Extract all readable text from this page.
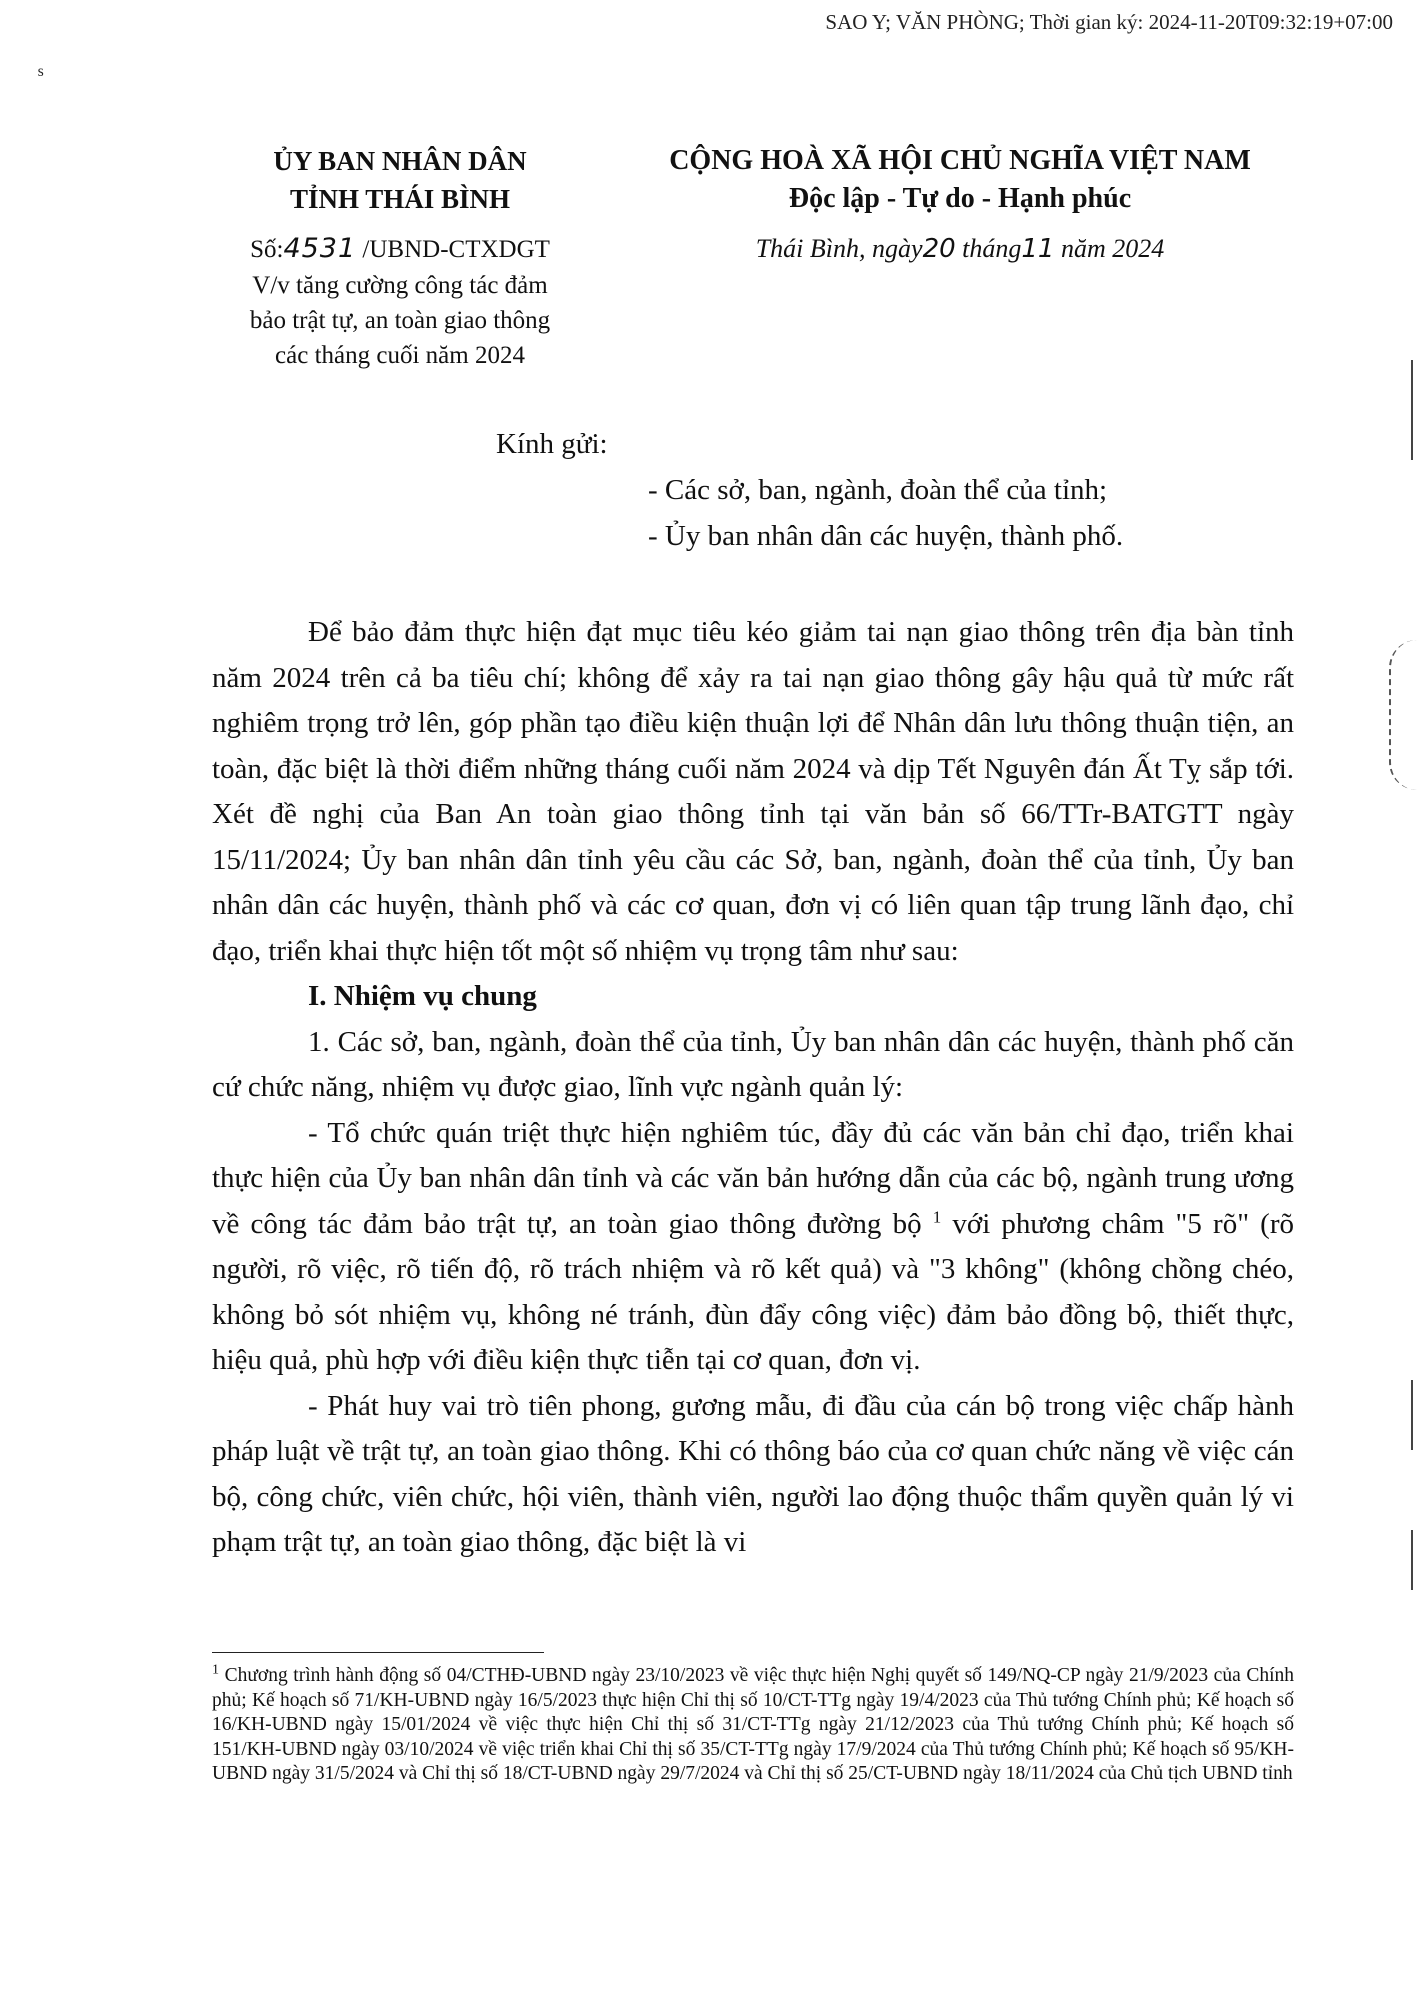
SAO Y; VĂN PHÒNG; Thời gian ký: 2024-11-20T09:32:19+07:00
ˢ
ỦY BAN NHÂN DÂN
TỈNH THÁI BÌNH
Số:4531 /UBND-CTXDGT
V/v tăng cường công tác đảm
bảo trật tự, an toàn giao thông
các tháng cuối năm 2024
CỘNG HOÀ XÃ HỘI CHỦ NGHĨA VIỆT NAM
Độc lập - Tự do - Hạnh phúc
Thái Bình, ngày20 tháng11 năm 2024
Kính gửi:
- Các sở, ban, ngành, đoàn thể của tỉnh;
- Ủy ban nhân dân các huyện, thành phố.

Để bảo đảm thực hiện đạt mục tiêu kéo giảm tai nạn giao thông trên địa bàn tỉnh năm 2024 trên cả ba tiêu chí; không để xảy ra tai nạn giao thông gây hậu quả từ mức rất nghiêm trọng trở lên, góp phần tạo điều kiện thuận lợi để Nhân dân lưu thông thuận tiện, an toàn, đặc biệt là thời điểm những tháng cuối năm 2024 và dịp Tết Nguyên đán Ất Tỵ sắp tới. Xét đề nghị của Ban An toàn giao thông tỉnh tại văn bản số 66/TTr-BATGTT ngày 15/11/2024; Ủy ban nhân dân tỉnh yêu cầu các Sở, ban, ngành, đoàn thể của tỉnh, Ủy ban nhân dân các huyện, thành phố và các cơ quan, đơn vị có liên quan tập trung lãnh đạo, chỉ đạo, triển khai thực hiện tốt một số nhiệm vụ trọng tâm như sau:

I. Nhiệm vụ chung

1. Các sở, ban, ngành, đoàn thể của tỉnh, Ủy ban nhân dân các huyện, thành phố căn cứ chức năng, nhiệm vụ được giao, lĩnh vực ngành quản lý:

- Tổ chức quán triệt thực hiện nghiêm túc, đầy đủ các văn bản chỉ đạo, triển khai thực hiện của Ủy ban nhân dân tỉnh và các văn bản hướng dẫn của các bộ, ngành trung ương về công tác đảm bảo trật tự, an toàn giao thông đường bộ $^1$ với phương châm "5 rõ" (rõ người, rõ việc, rõ tiến độ, rõ trách nhiệm và rõ kết quả) và "3 không" (không chồng chéo, không bỏ sót nhiệm vụ, không né tránh, đùn đẩy công việc) đảm bảo đồng bộ, thiết thực, hiệu quả, phù hợp với điều kiện thực tiễn tại cơ quan, đơn vị.

- Phát huy vai trò tiên phong, gương mẫu, đi đầu của cán bộ trong việc chấp hành pháp luật về trật tự, an toàn giao thông. Khi có thông báo của cơ quan chức năng về việc cán bộ, công chức, viên chức, hội viên, thành viên, người lao động thuộc thẩm quyền quản lý vi phạm trật tự, an toàn giao thông, đặc biệt là vi

$^1$ Chương trình hành động số 04/CTHĐ-UBND ngày 23/10/2023 về việc thực hiện Nghị quyết số 149/NQ-CP ngày 21/9/2023 của Chính phủ; Kế hoạch số 71/KH-UBND ngày 16/5/2023 thực hiện Chỉ thị số 10/CT-TTg ngày 19/4/2023 của Thủ tướng Chính phủ; Kế hoạch số 16/KH-UBND ngày 15/01/2024 về việc thực hiện Chỉ thị số 31/CT-TTg ngày 21/12/2023 của Thủ tướng Chính phủ; Kế hoạch số 151/KH-UBND ngày 03/10/2024 về việc triển khai Chỉ thị số 35/CT-TTg ngày 17/9/2024 của Thủ tướng Chính phủ; Kế hoạch số 95/KH-UBND ngày 31/5/2024 và Chỉ thị số 18/CT-UBND ngày 29/7/2024 và Chỉ thị số 25/CT-UBND ngày 18/11/2024 của Chủ tịch UBND tỉnh
